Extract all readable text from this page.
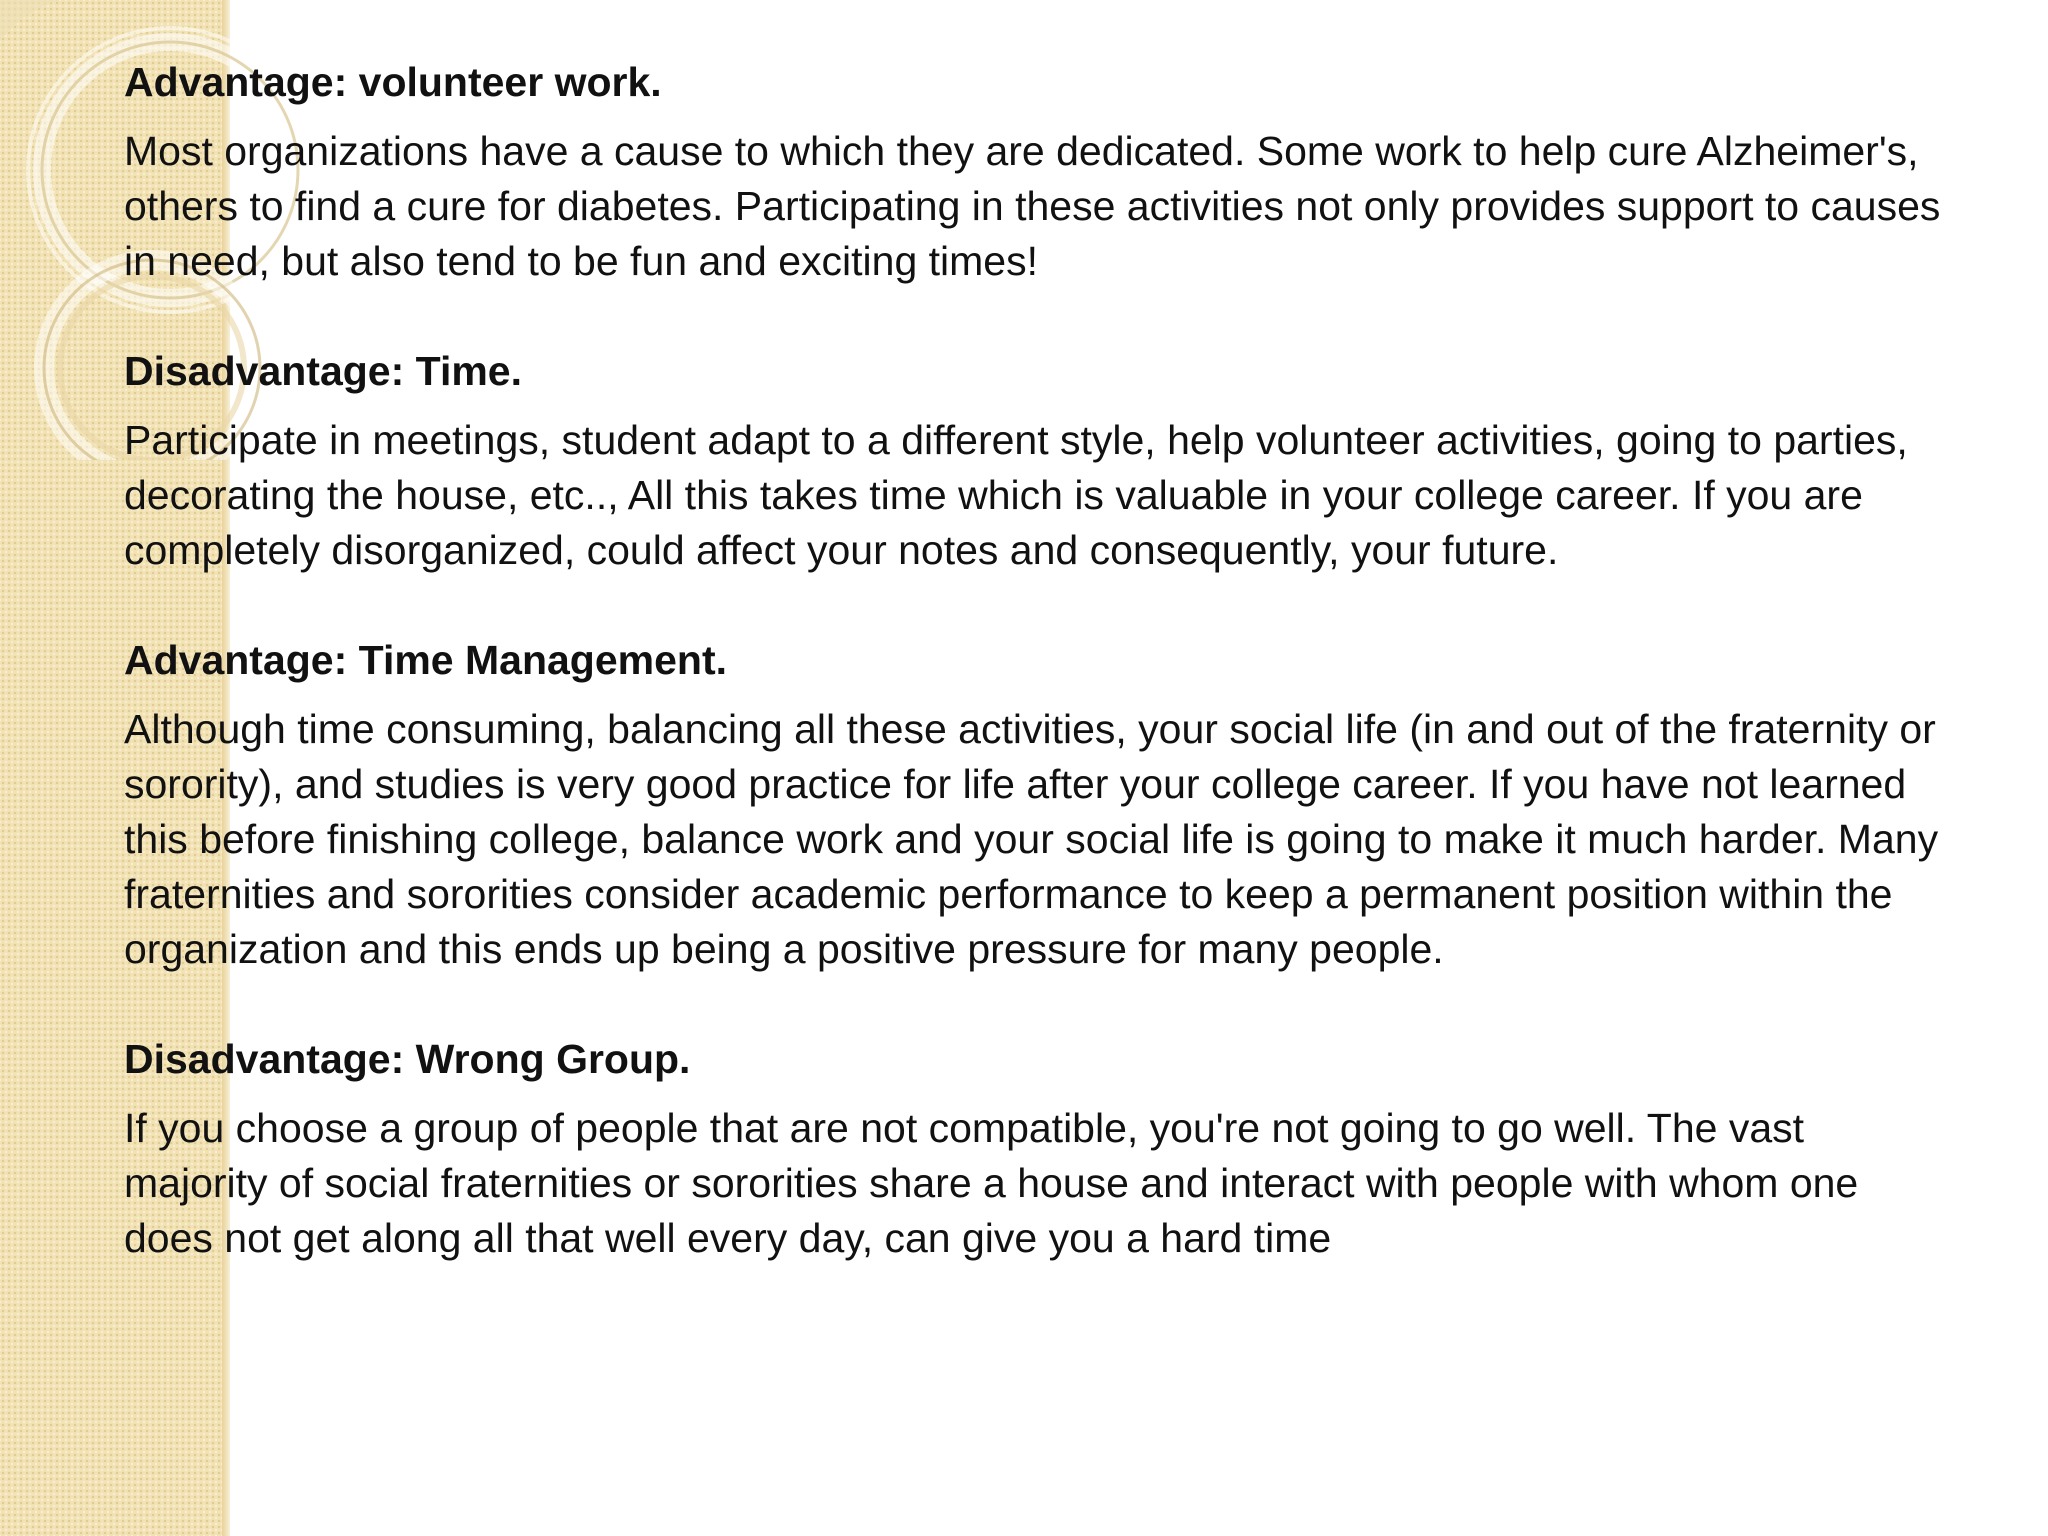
Advantage: volunteer work.

Most organizations have a cause to which they are dedicated. Some work to help cure Alzheimer's, others to find a cure for diabetes. Participating in these activities not only provides support to causes in need, but also tend to be fun and exciting times!

Disadvantage: Time.

Participate in meetings, student adapt to a different style, help volunteer activities, going to parties, decorating the house, etc.., All this takes time which is valuable in your college career. If you are completely disorganized, could affect your notes and consequently, your future.

Advantage: Time Management.

Although time consuming, balancing all these activities, your social life (in and out of the fraternity or sorority), and studies is very good practice for life after your college career. If you have not learned this before finishing college, balance work and your social life is going to make it much harder. Many fraternities and sororities consider academic performance to keep a permanent position within the organization and this ends up being a positive pressure for many people.

Disadvantage: Wrong Group.

If you choose a group of people that are not compatible, you're not going to go well. The vast majority of social fraternities or sororities share a house and interact with people with whom one does not get along all that well every day, can give you a hard time
